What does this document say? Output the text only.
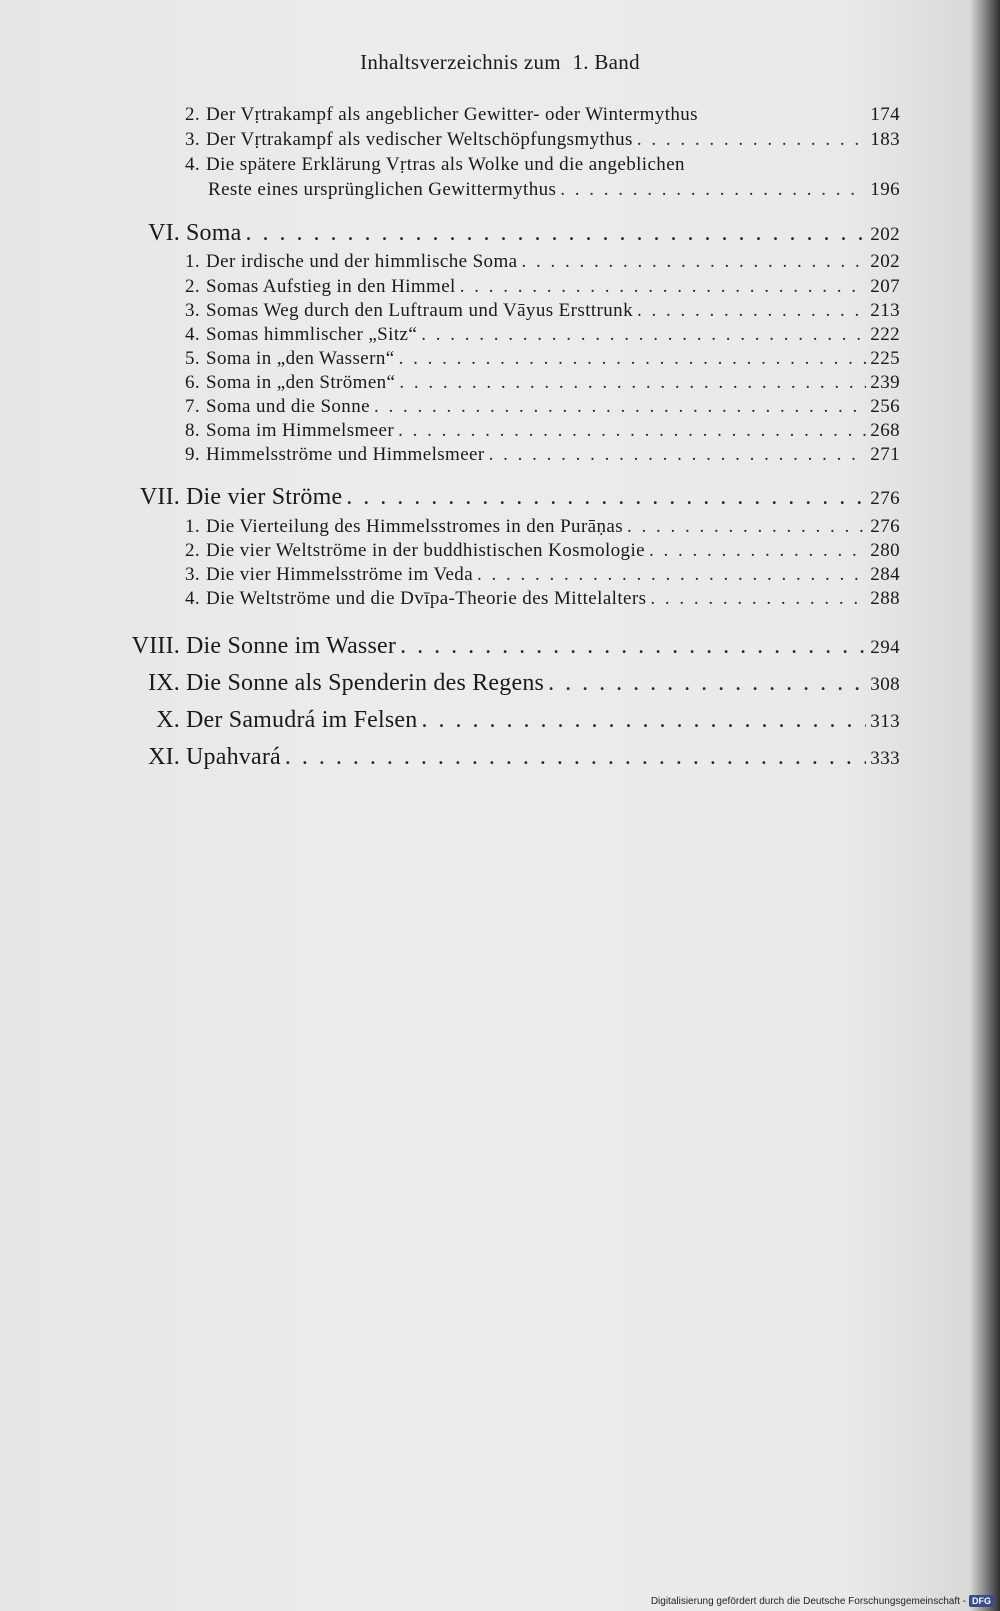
Inhaltsverzeichnis zum 1. Band
2. Der Vṛtrakampf als angeblicher Gewitter- oder Wintermythus	174
3. Der Vṛtrakampf als vedischer Weltschöpfungsmythus . . .	183
4. Die spätere Erklärung Vṛtras als Wolke und die angeblichen
Reste eines ursprünglichen Gewittermythus . . .	196
VI. Soma . . .	202
1. Der irdische und der himmlische Soma . . .	202
2. Somas Aufstieg in den Himmel . . .	207
3. Somas Weg durch den Luftraum und Vāyus Ersttrunk . . .	213
4. Somas himmlischer „Sitz“ . . .	222
5. Soma in „den Wassern“ . . .	225
6. Soma in „den Strömen“ . . .	239
7. Soma und die Sonne . . .	256
8. Soma im Himmelsmeer . . .	268
9. Himmelsströme und Himmelsmeer . . .	271
VII. Die vier Ströme . . .	276
1. Die Vierteilung des Himmelsstromes in den Purāṇas . . .	276
2. Die vier Weltströme in der buddhistischen Kosmologie . . .	280
3. Die vier Himmelsströme im Veda . . .	284
4. Die Weltströme und die Dvīpa-Theorie des Mittelalters . . .	288
VIII. Die Sonne im Wasser . . .	294
IX. Die Sonne als Spenderin des Regens . . .	308
X. Der Samudrá im Felsen . . .	313
XI. Upahvará . . .	333
Digitalisierung gefördert durch die Deutsche Forschungsgemeinschaft - DFG
